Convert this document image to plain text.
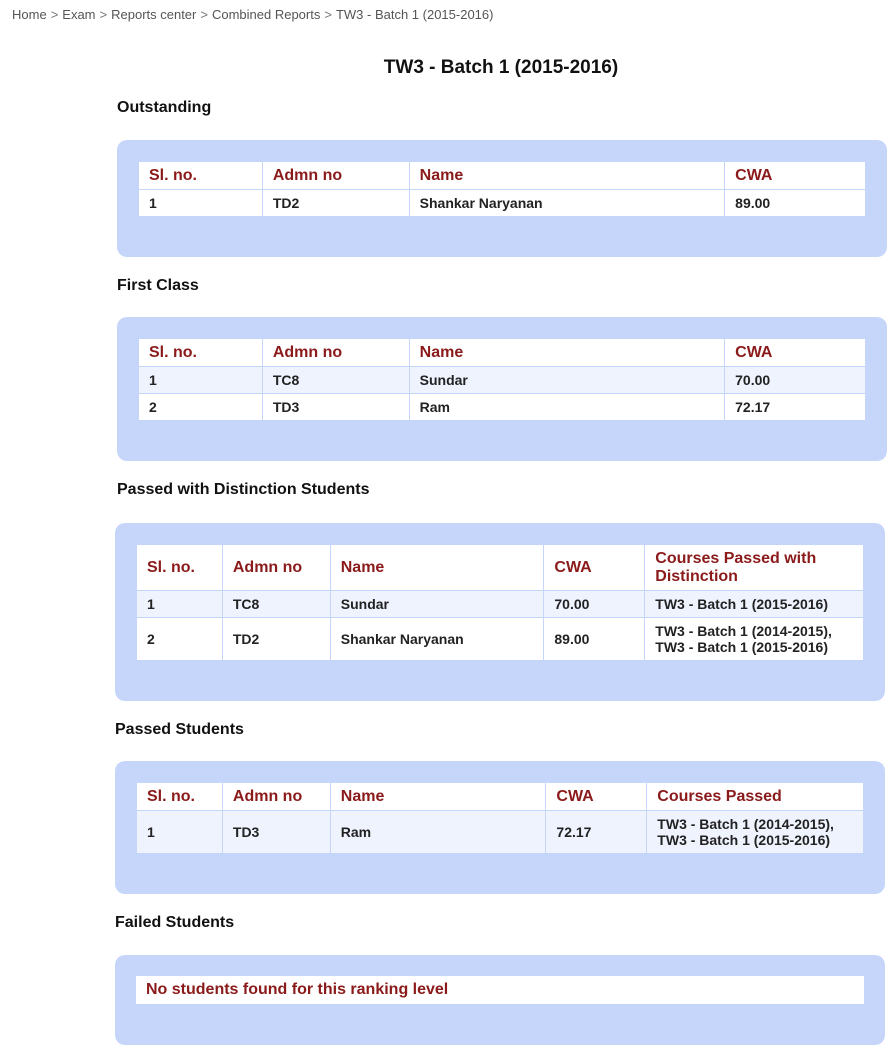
Home > Exam > Reports center > Combined Reports > TW3 - Batch 1 (2015-2016)
TW3 - Batch 1 (2015-2016)
Outstanding
Sl. no.	Admn no	Name	CWA
1	TD2	Shankar Naryanan	89.00
First Class
Sl. no.	Admn no	Name	CWA
1	TC8	Sundar	70.00
2	TD3	Ram	72.17
Passed with Distinction Students
Sl. no.	Admn no	Name	CWA	Courses Passed with Distinction
1	TC8	Sundar	70.00	TW3 - Batch 1 (2015-2016)
2	TD2	Shankar Naryanan	89.00	TW3 - Batch 1 (2014-2015), TW3 - Batch 1 (2015-2016)
Passed Students
Sl. no.	Admn no	Name	CWA	Courses Passed
1	TD3	Ram	72.17	TW3 - Batch 1 (2014-2015), TW3 - Batch 1 (2015-2016)
Failed Students
No students found for this ranking level
